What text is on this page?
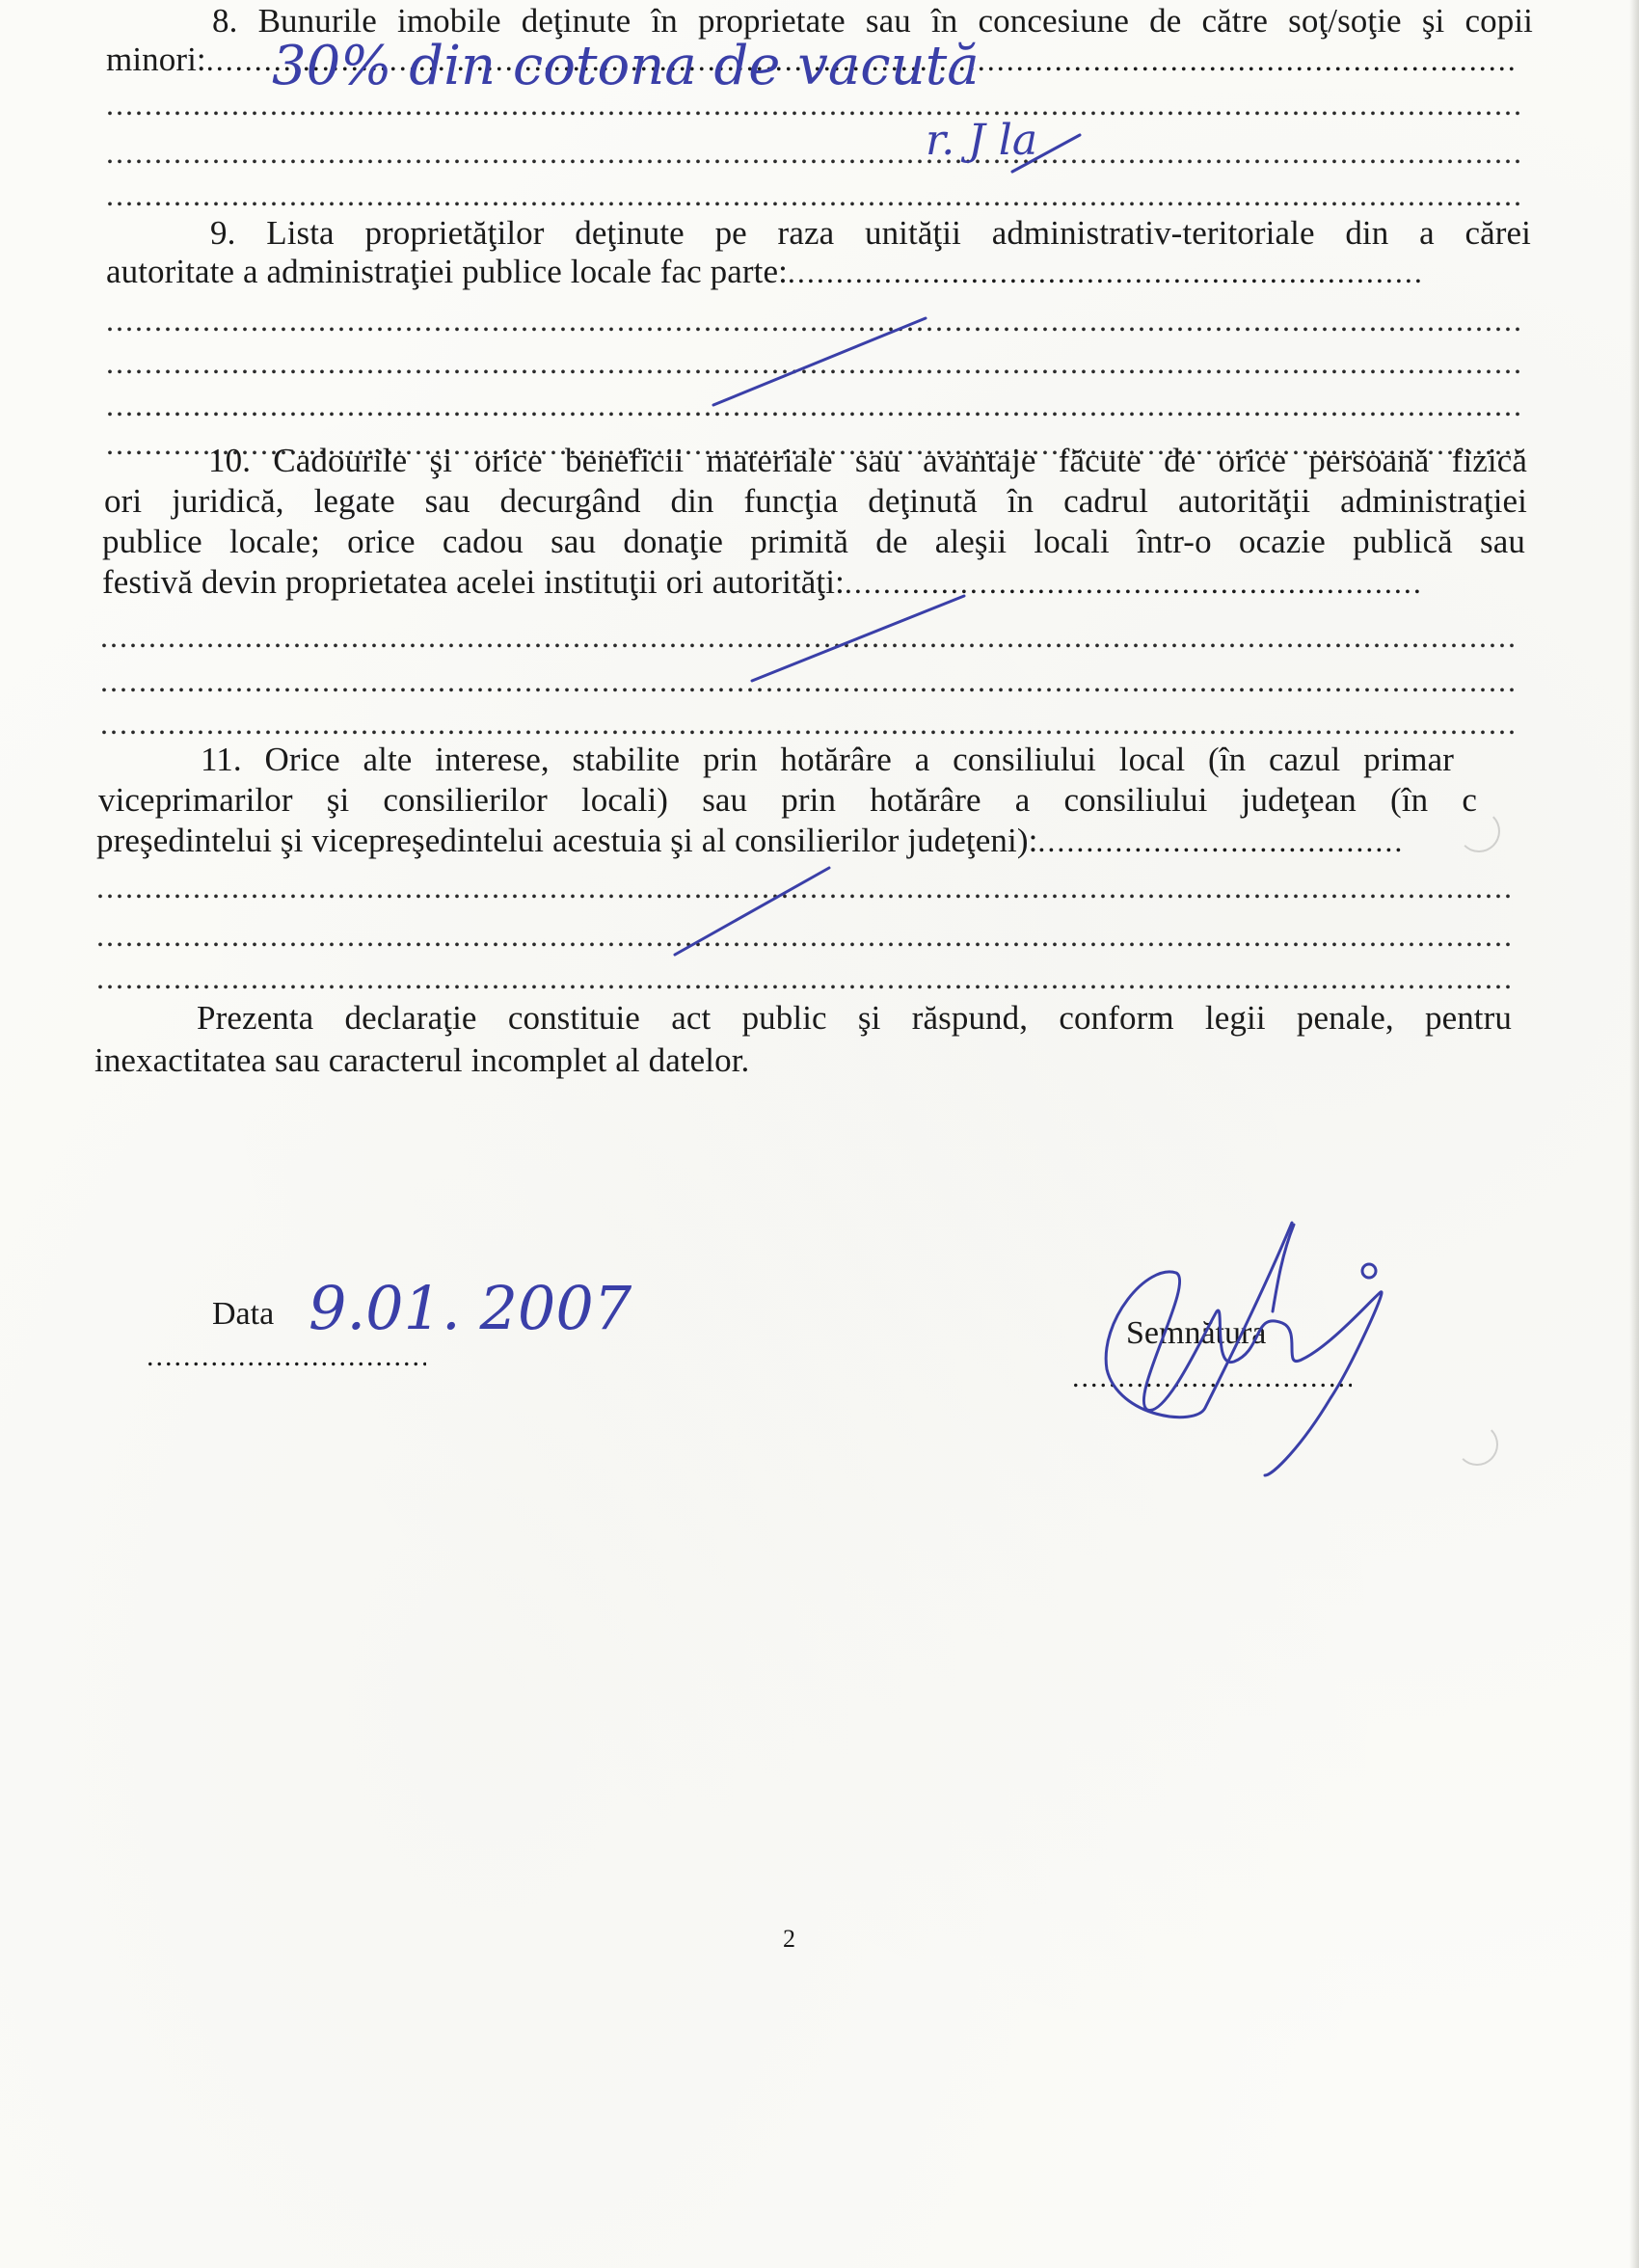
8. Bunurile imobile deţinute în proprietate sau în concesiune de către soţ/soţie şi copii
minori:.....
.....
.....
.....	30% din cotona de vacută
r. J la
9. Lista proprietăţilor deţinute pe raza unităţii administrativ-teritoriale din a cărei
autoritate a administraţiei publice locale fac parte:.....
.....
.....
.....
.....
10. Cadourile şi orice beneficii materiale sau avantaje făcute de orice persoană fizică
ori juridică, legate sau decurgând din funcţia deţinută în cadrul autorităţii administraţiei
publice locale; orice cadou sau donaţie primită de aleşii locali într-o ocazie publică sau
festivă devin proprietatea acelei instituţii ori autorităţi:.....
.....
.....
.....
11. Orice alte interese, stabilite prin hotărâre a consiliului local (în cazul primar
viceprimarilor şi consilierilor locali) sau prin hotărâre a consiliului judeţean (în c
preşedintelui şi vicepreşedintelui acestuia şi al consilierilor judeţeni):.....
.....
.....
.....
Prezenta declaraţie constituie act public şi răspund, conform legii penale, pentru
inexactitatea sau caracterul incomplet al datelor.
Data 9.01. 2007
.....	Semnătura
.....
2
